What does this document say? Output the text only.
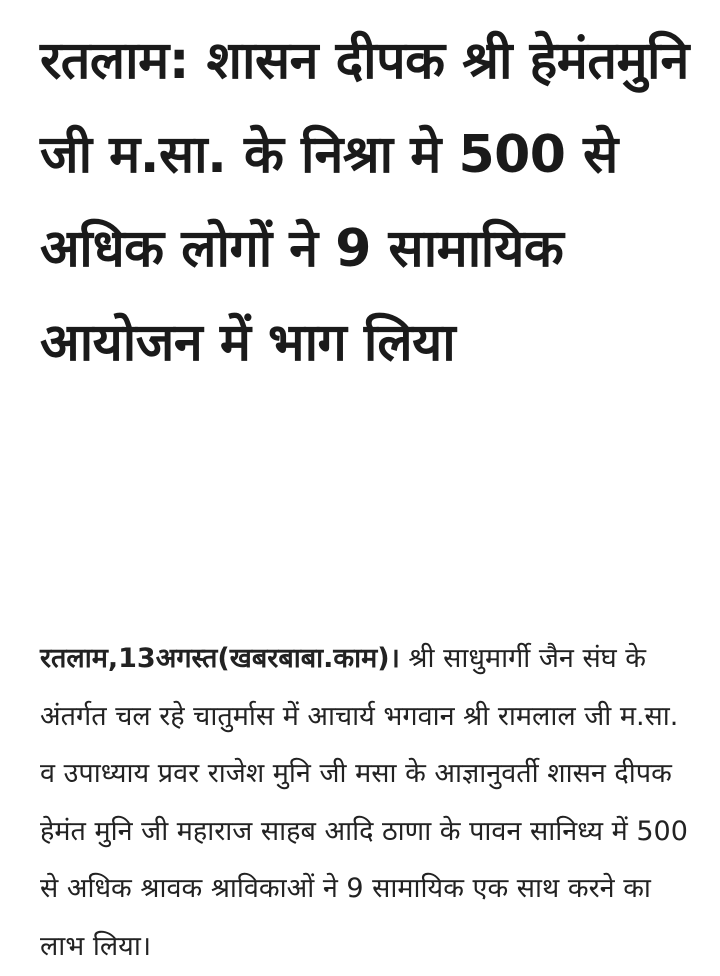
रतलाम: शासन दीपक श्री हेमंतमुनि जी म.सा. के निश्रा मे 500 से अधिक लोगों ने 9 सामायिक आयोजन में भाग लिया

रतलाम,13अगस्त(खबरबाबा.काम)। श्री साधुमार्गी जैन संघ के अंतर्गत चल रहे चातुर्मास में आचार्य भगवान श्री रामलाल जी म.सा. व उपाध्याय प्रवर राजेश मुनि जी मसा के आज्ञानुवर्ती शासन दीपक हेमंत मुनि जी महाराज साहब आदि ठाणा के पावन सानिध्य में 500 से अधिक श्रावक श्राविकाओं ने 9 सामायिक एक साथ करने का लाभ लिया।
